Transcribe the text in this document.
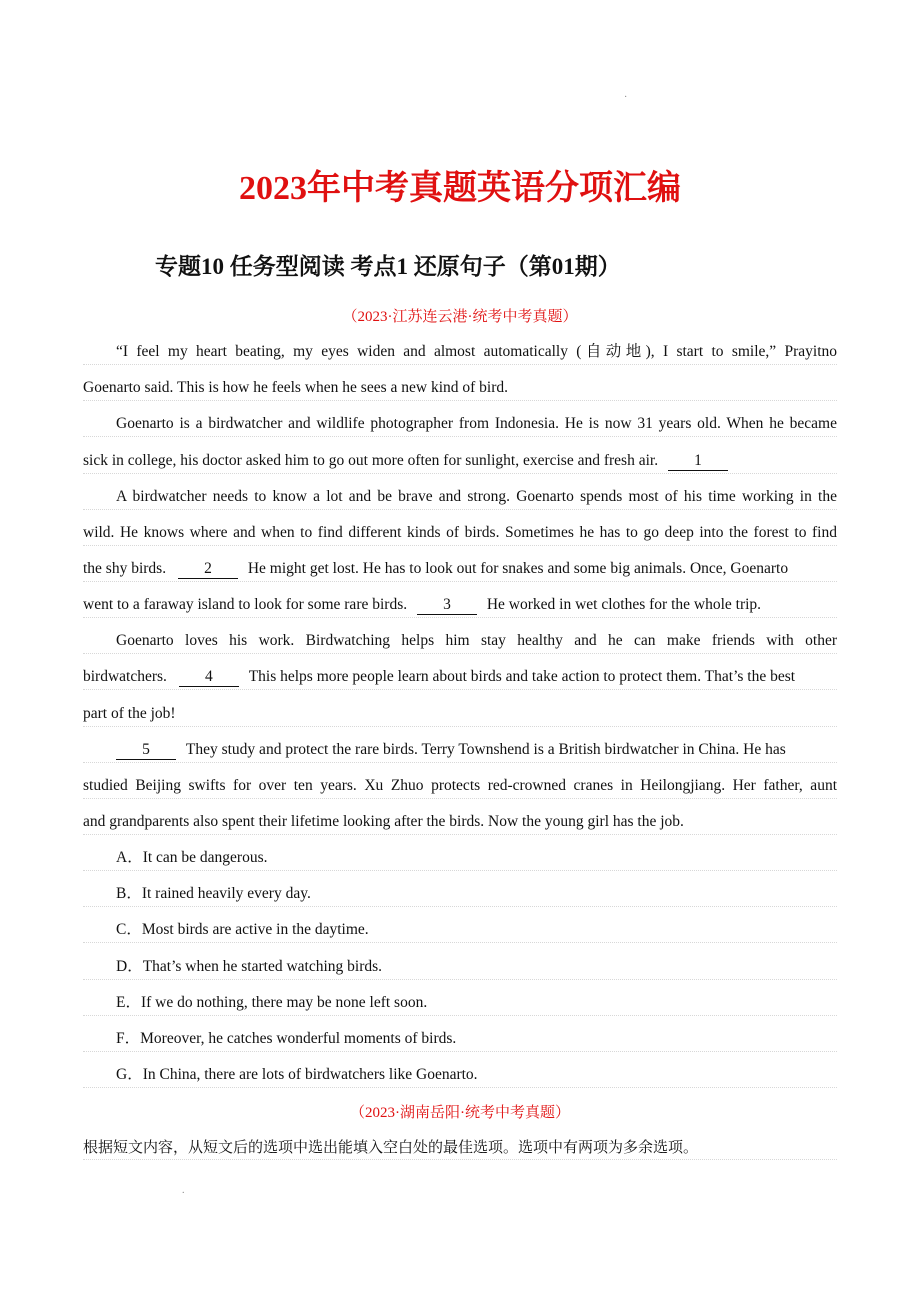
·
2023年中考真题英语分项汇编
专题10 任务型阅读 考点1 还原句子（第01期）
（2023·江苏连云港·统考中考真题）
“I feel my heart beating, my eyes widen and almost automatically (自动地), I start to smile,” Prayitno
Goenarto said. This is how he feels when he sees a new kind of bird.
Goenarto is a birdwatcher and wildlife photographer from Indonesia. He is now 31 years old. When he became
sick in college, his doctor asked him to go out more often for sunlight, exercise and fresh air. 1
A birdwatcher needs to know a lot and be brave and strong. Goenarto spends most of his time working in the
wild. He knows where and when to find different kinds of birds. Sometimes he has to go deep into the forest to find
the shy birds. 2 He might get lost. He has to look out for snakes and some big animals. Once, Goenarto
went to a faraway island to look for some rare birds. 3 He worked in wet clothes for the whole trip.
Goenarto loves his work. Birdwatching helps him stay healthy and he can make friends with other
birdwatchers. 4 This helps more people learn about birds and take action to protect them. That’s the best
part of the job!
5 They study and protect the rare birds. Terry Townshend is a British birdwatcher in China. He has
studied Beijing swifts for over ten years. Xu Zhuo protects red-crowned cranes in Heilongjiang. Her father, aunt
and grandparents also spent their lifetime looking after the birds. Now the young girl has the job.
A．It can be dangerous.
B．It rained heavily every day.
C．Most birds are active in the daytime.
D．That’s when he started watching birds.
E．If we do nothing, there may be none left soon.
F．Moreover, he catches wonderful moments of birds.
G．In China, there are lots of birdwatchers like Goenarto.
（2023·湖南岳阳·统考中考真题）
根据短文内容，从短文后的选项中选出能填入空白处的最佳选项。选项中有两项为多余选项。
.
